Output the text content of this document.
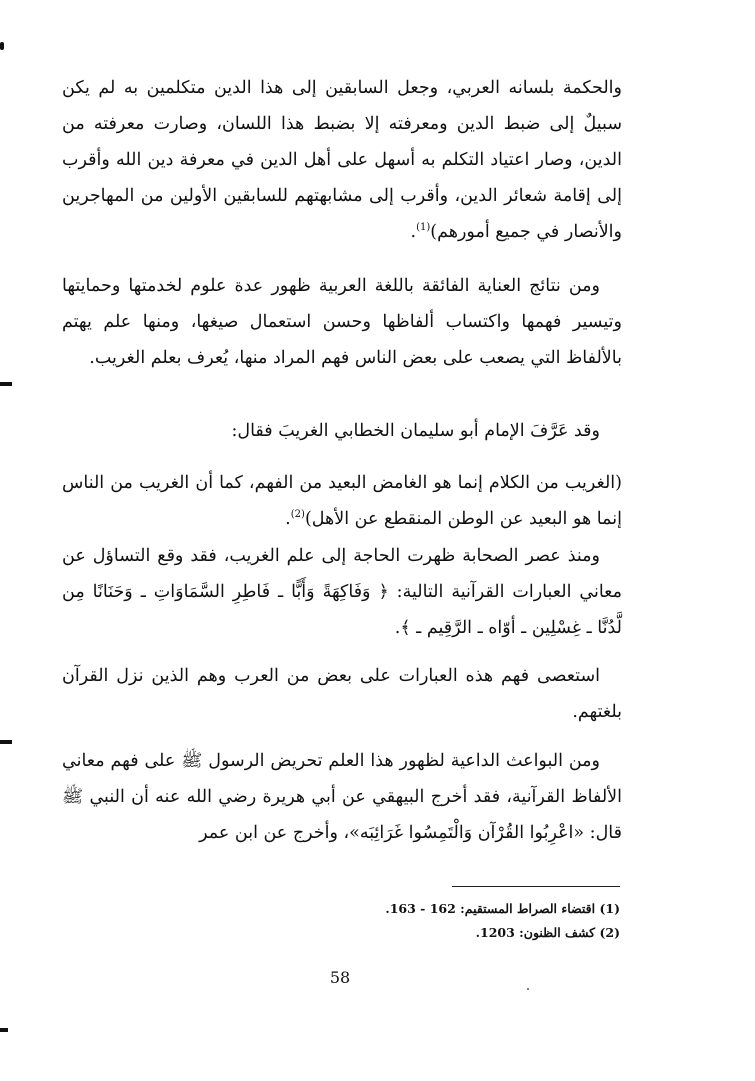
والحكمة بلسانه العربي، وجعل السابقين إلى هذا الدين متكلمين به لم يكن سبيلٌ إلى ضبط الدين ومعرفته إلا بضبط هذا اللسان، وصارت معرفته من الدين، وصار اعتياد التكلم به أسهل على أهل الدين في معرفة دين الله وأقرب إلى إقامة شعائر الدين، وأقرب إلى مشابهتهم للسابقين الأولين من المهاجرين والأنصار في جميع أمورهم)$^{(1)}$.

ومن نتائج العناية الفائقة باللغة العربية ظهور عدة علوم لخدمتها وحمايتها وتيسير فهمها واكتساب ألفاظها وحسن استعمال صيغها، ومنها علم يهتم بالألفاظ التي يصعب على بعض الناس فهم المراد منها، يُعرف بعلم الغريب.

وقد عَرَّفَ الإمام أبو سليمان الخطابي الغريبَ فقال:

(الغريب من الكلام إنما هو الغامض البعيد من الفهم، كما أن الغريب من الناس إنما هو البعيد عن الوطن المنقطع عن الأهل)$^{(2)}$.

ومنذ عصر الصحابة ظهرت الحاجة إلى علم الغريب، فقد وقع التساؤل عن معاني العبارات القرآنية التالية: ﴿ وَفَاكِهَةً وَأَبًّا ـ فَاطِرِ السَّمَاوَاتِ ـ وَحَنَانًا مِن لَّدُنَّا ـ غِسْلِين ـ أوّاه ـ الرَّقِيم ـ ﴾.

استعصى فهم هذه العبارات على بعض من العرب وهم الذين نزل القرآن بلغتهم.

ومن البواعث الداعية لظهور هذا العلم تحريض الرسول ﷺ على فهم معاني الألفاظ القرآنية، فقد أخرج البيهقي عن أبي هريرة رضي الله عنه أن النبي ﷺ قال: «اعْرِبُوا القُرْآن وَالْتَمِسُوا غَرَائِبَه»، وأخرج عن ابن عمر

(1) اقتضاء الصراط المستقيم: 162 - 163.
(2) كشف الظنون: 1203.
58
